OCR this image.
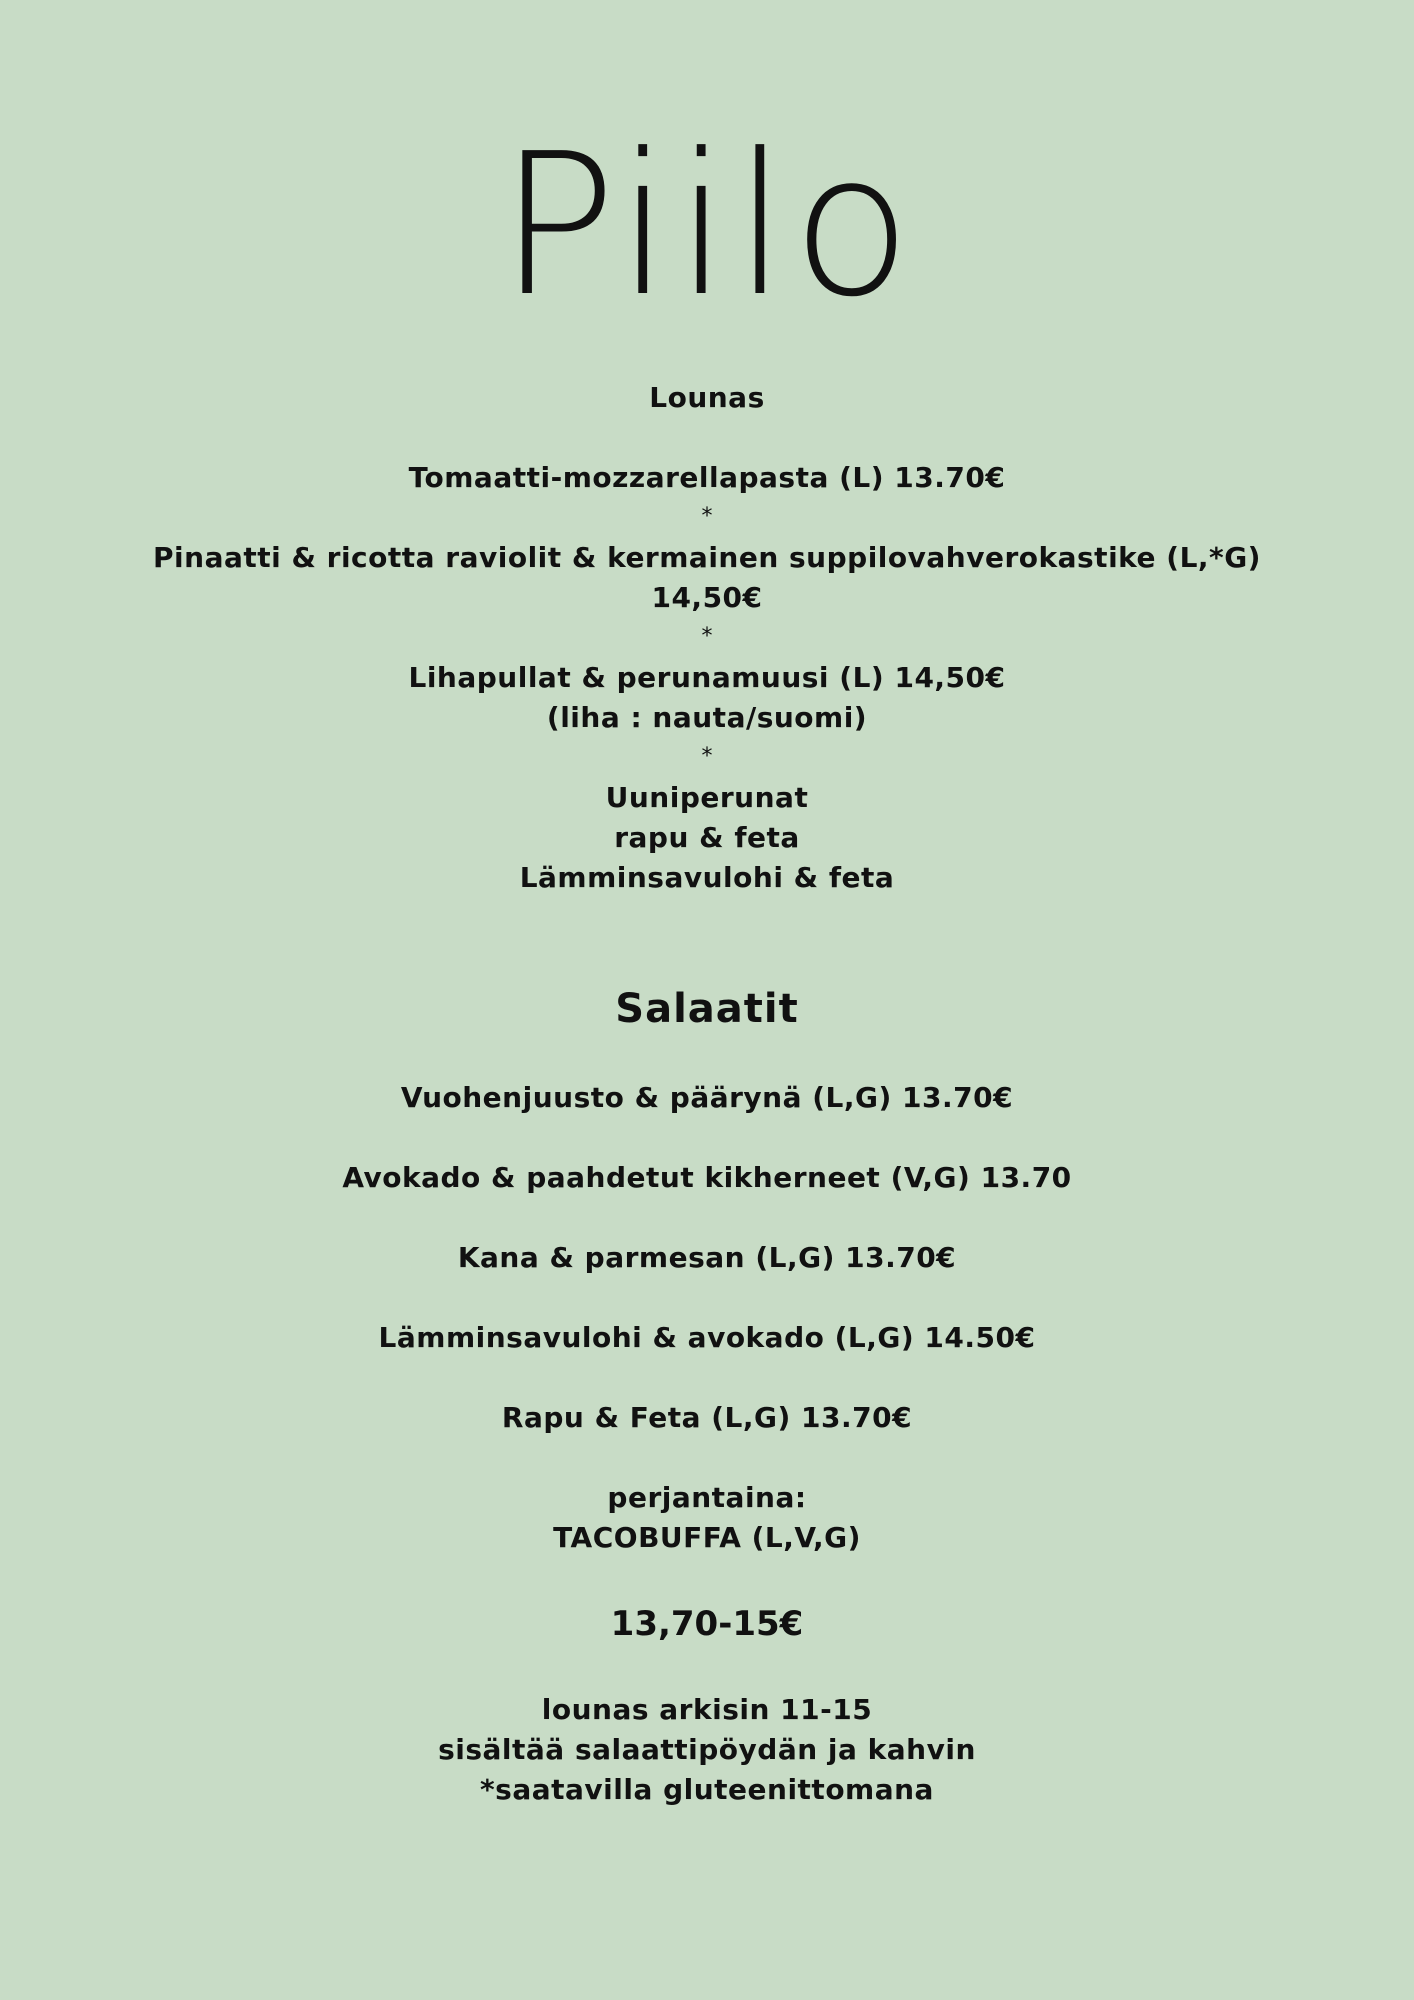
Piilo
Lounas
Tomaatti-mozzarellapasta (L) 13.70€
*
Pinaatti & ricotta raviolit & kermainen suppilovahverokastike (L,*G)
14,50€
*
Lihapullat & perunamuusi (L) 14,50€
(liha : nauta/suomi)
*
Uuniperunat
rapu & feta
Lämminsavulohi & feta
Salaatit
Vuohenjuusto & päärynä (L,G) 13.70€
Avokado & paahdetut kikherneet (V,G) 13.70
Kana & parmesan (L,G) 13.70€
Lämminsavulohi & avokado (L,G) 14.50€
Rapu & Feta (L,G) 13.70€
perjantaina:
TACOBUFFA (L,V,G)
13,70-15€
lounas arkisin 11-15
sisältää salaattipöydän ja kahvin
*saatavilla gluteenittomana
